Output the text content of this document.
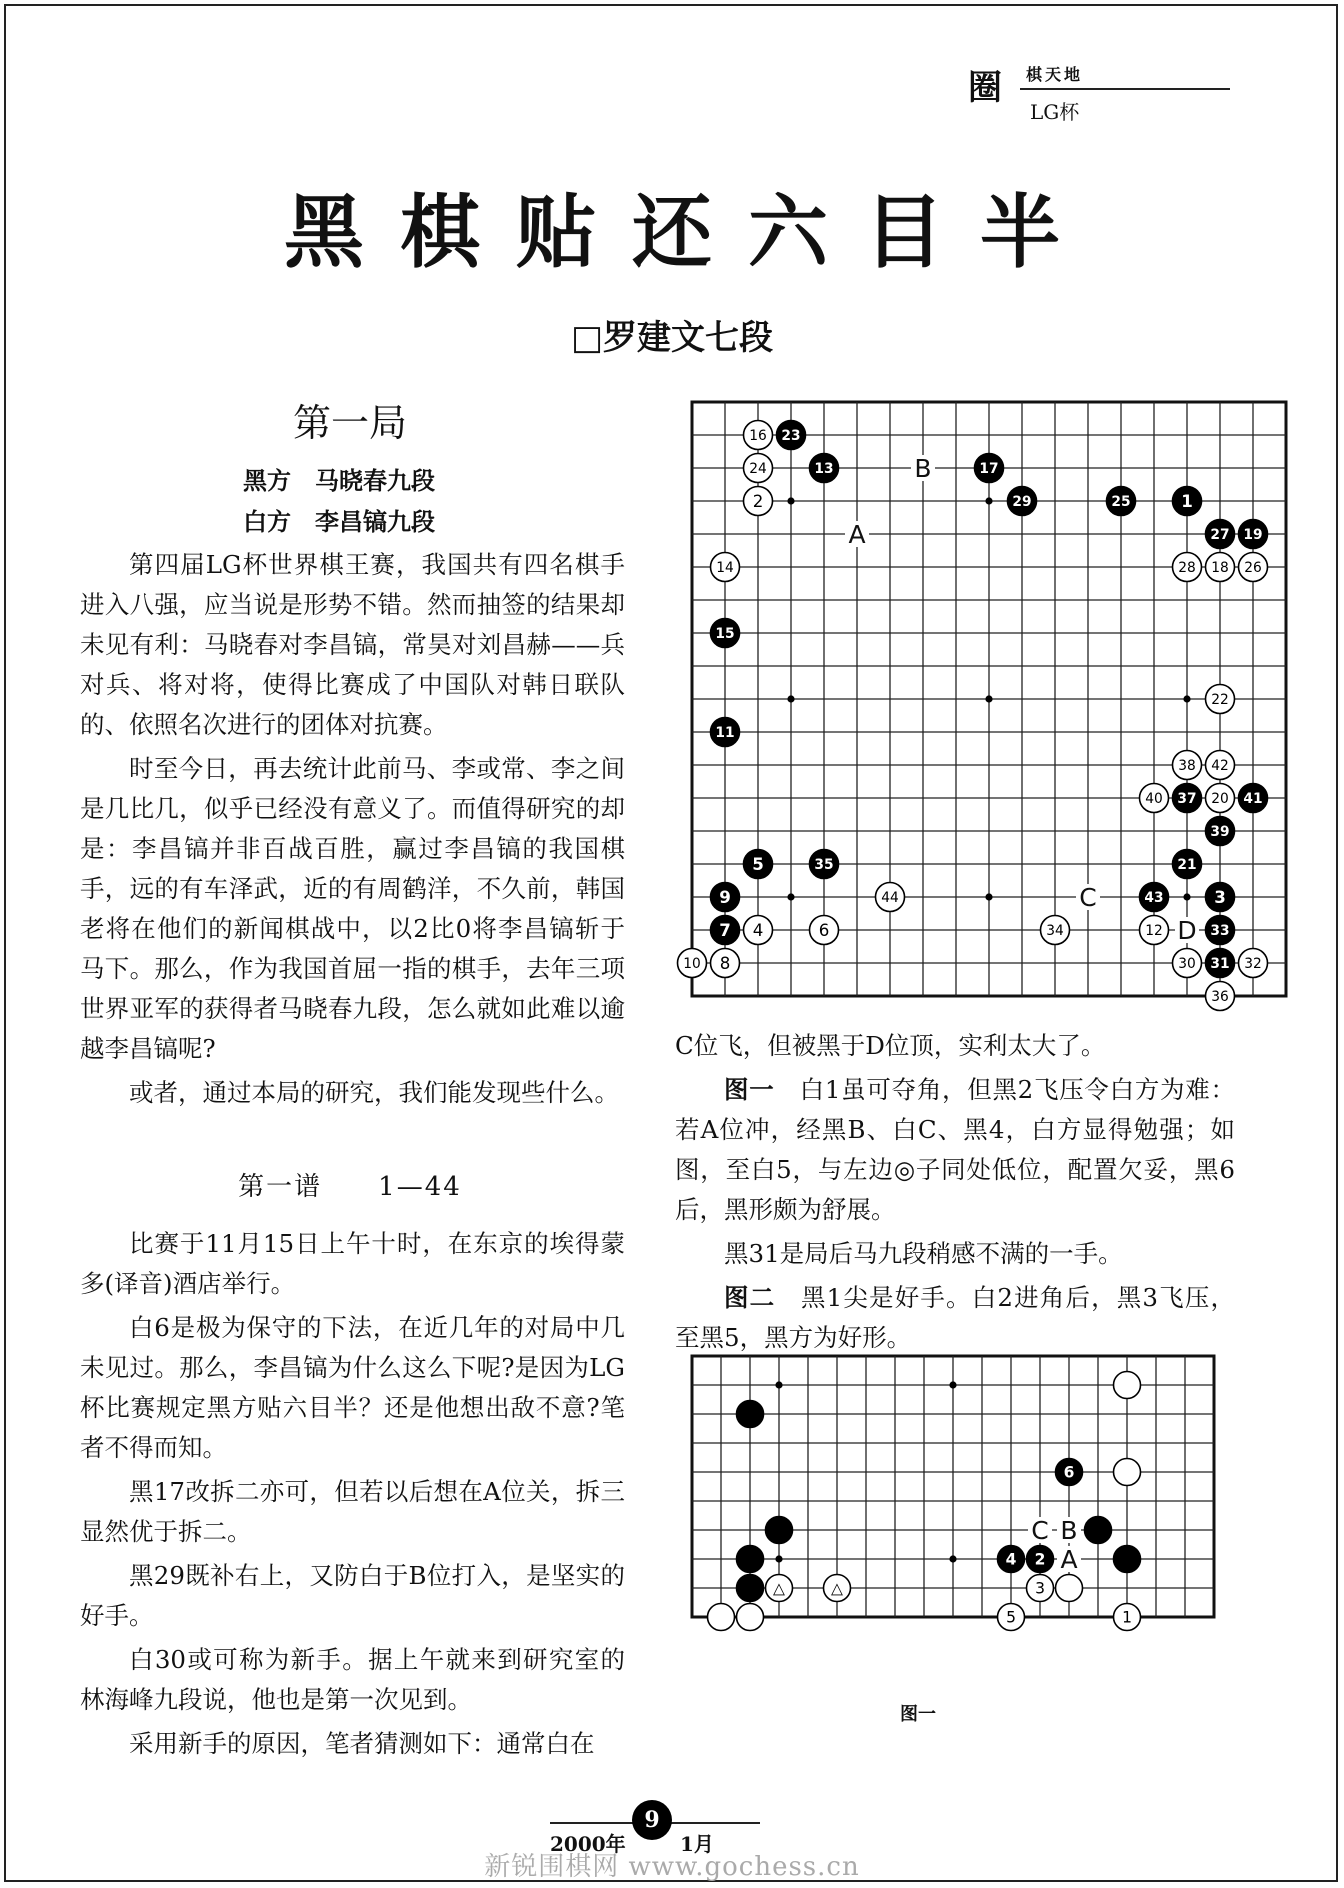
圈	棋天地
LG杯
黑棋贴还六目半
□罗建文七段
第一局
黑方　马晓春九段
白方　李昌镐九段

第四届LG杯世界棋王赛，我国共有四名棋手进入八强，应当说是形势不错。然而抽签的结果却未见有利：马晓春对李昌镐，常昊对刘昌赫——兵对兵、将对将，使得比赛成了中国队对韩日联队的、依照名次进行的团体对抗赛。

时至今日，再去统计此前马、李或常、李之间是几比几，似乎已经没有意义了。而值得研究的却是：李昌镐并非百战百胜，赢过李昌镐的我国棋手，远的有车泽武，近的有周鹤洋，不久前，韩国老将在他们的新闻棋战中，以2比0将李昌镐斩于马下。那么，作为我国首屈一指的棋手，去年三项世界亚军的获得者马晓春九段，怎么就如此难以逾越李昌镐呢?

或者，通过本局的研究，我们能发现些什么。

第一谱　　1—44

比赛于11月15日上午十时，在东京的埃得蒙多(译音)酒店举行。

白6是极为保守的下法，在近几年的对局中几未见过。那么，李昌镐为什么这么下呢?是因为LG杯比赛规定黑方贴六目半？还是他想出敌不意?笔者不得而知。

黑17改拆二亦可，但若以后想在A位关，拆三显然优于拆二。

黑29既补右上，又防白于B位打入，是坚实的好手。

白30或可称为新手。据上午就来到研究室的林海峰九段说，他也是第一次见到。

采用新手的原因，笔者猜测如下：通常白在

B
A
C
D
16 23
24	13	17
2	29	25	1
27 19
14	28 18 26
15
22
11
38 42
40 37 20 41
39
5	35	21
9	44	43	3
7 4	6	34	12	33
10 8	30 31 32
36

C位飞，但被黑于D位顶，实利太大了。

图一　白1虽可夺角，但黑2飞压令白方为难：若A位冲，经黑B、白C、黑4，白方显得勉强；如图，至白5，与左边◎子同处低位，配置欠妥，黑6后，黑形颇为舒展。

黑31是局后马九段稍感不满的一手。

图二　黑1尖是好手。白2进角后，黑3飞压，至黑5，黑方为好形。

C B
A
6
4 2
△	△	3
5	1
图一
9
2000年	1月
新锐围棋网 www.gochess.cn
